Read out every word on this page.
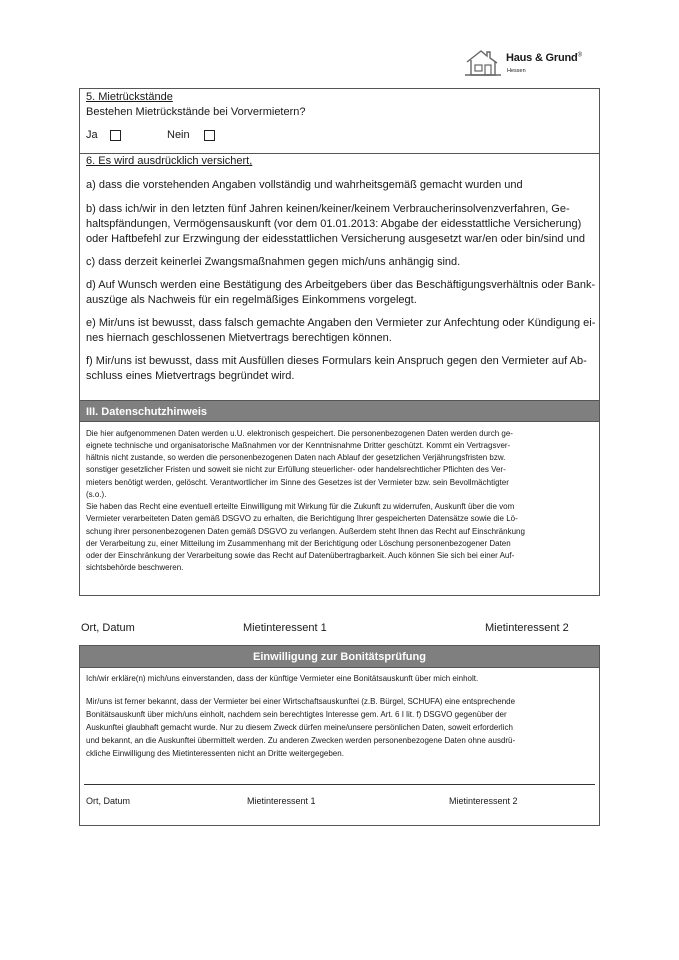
Haus & Grund®
Hessen
5. Mietrückstände
Bestehen Mietrückstände bei Vorvermietern?
Ja	Nein
6. Es wird ausdrücklich versichert,
a) dass die vorstehenden Angaben vollständig und wahrheitsgemäß gemacht wurden und
b) dass ich/wir in den letzten fünf Jahren keinen/keiner/keinem Verbraucherinsolvenzverfahren, Ge-
haltspfändungen, Vermögensauskunft (vor dem 01.01.2013: Abgabe der eidesstattliche Versicherung)
oder Haftbefehl zur Erzwingung der eidesstattlichen Versicherung ausgesetzt war/en oder bin/sind und
c) dass derzeit keinerlei Zwangsmaßnahmen gegen mich/uns anhängig sind.
d) Auf Wunsch werden eine Bestätigung des Arbeitgebers über das Beschäftigungsverhältnis oder Bank-
auszüge als Nachweis für ein regelmäßiges Einkommens vorgelegt.
e) Mir/uns ist bewusst, dass falsch gemachte Angaben den Vermieter zur Anfechtung oder Kündigung ei-
nes hiernach geschlossenen Mietvertrags berechtigen können.
f) Mir/uns ist bewusst, dass mit Ausfüllen dieses Formulars kein Anspruch gegen den Vermieter auf Ab-
schluss eines Mietvertrags begründet wird.
III. Datenschutzhinweis
Die hier aufgenommenen Daten werden u.U. elektronisch gespeichert. Die personenbezogenen Daten werden durch ge-
eignete technische und organisatorische Maßnahmen vor der Kenntnisnahme Dritter geschützt. Kommt ein Vertragsver-
hältnis nicht zustande, so werden die personenbezogenen Daten nach Ablauf der gesetzlichen Verjährungsfristen bzw.
sonstiger gesetzlicher Fristen und soweit sie nicht zur Erfüllung steuerlicher- oder handelsrechtlicher Pflichten des Ver-
mieters benötigt werden, gelöscht. Verantwortlicher im Sinne des Gesetzes ist der Vermieter bzw. sein Bevollmächtigter
(s.o.).
Sie haben das Recht eine eventuell erteilte Einwilligung mit Wirkung für die Zukunft zu widerrufen, Auskunft über die vom
Vermieter verarbeiteten Daten gemäß DSGVO zu erhalten, die Berichtigung Ihrer gespeicherten Datensätze sowie die Lö-
schung ihrer personenbezogenen Daten gemäß DSGVO zu verlangen. Außerdem steht Ihnen das Recht auf Einschränkung
der Verarbeitung zu, einer Mitteilung im Zusammenhang mit der Berichtigung oder Löschung personenbezogener Daten
oder der Einschränkung der Verarbeitung sowie das Recht auf Datenübertragbarkeit. Auch können Sie sich bei einer Auf-
sichtsbehörde beschweren.
Ort, Datum	Mietinteressent 1	Mietinteressent 2
Einwilligung zur Bonitätsprüfung
Ich/wir erkläre(n) mich/uns einverstanden, dass der künftige Vermieter eine Bonitätsauskunft über mich einholt.
Mir/uns ist ferner bekannt, dass der Vermieter bei einer Wirtschaftsauskunftei (z.B. Bürgel, SCHUFA) eine entsprechende
Bonitätsauskunft über mich/uns einholt, nachdem sein berechtigtes Interesse gem. Art. 6 I lit. f) DSGVO gegenüber der
Auskunftei glaubhaft gemacht wurde. Nur zu diesem Zweck dürfen meine/unsere persönlichen Daten, soweit erforderlich
und bekannt, an die Auskunftei übermittelt werden. Zu anderen Zwecken werden personenbezogene Daten ohne ausdrü-
ckliche Einwilligung des Mietinteressenten nicht an Dritte weitergegeben.
Ort, Datum	Mietinteressent 1	Mietinteressent 2
